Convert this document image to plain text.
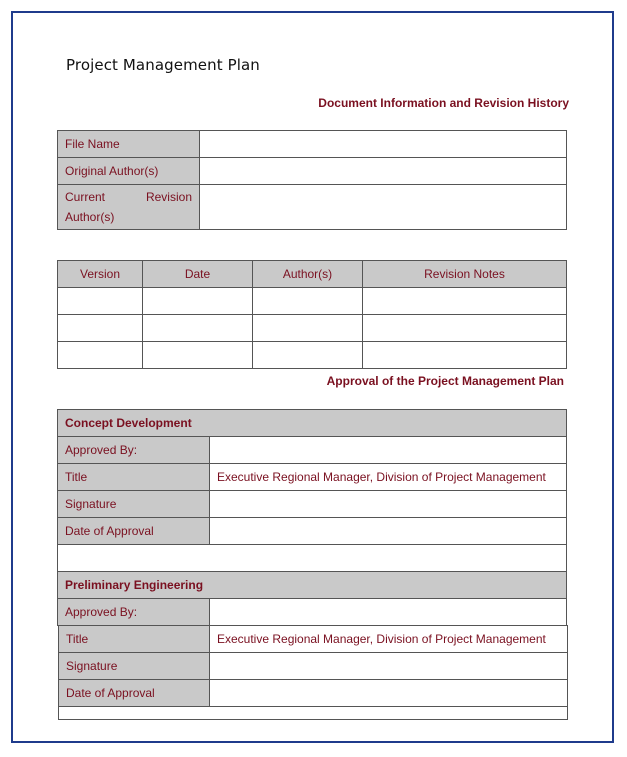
Project Management Plan
Document Information and Revision History
File Name	
Original Author(s)	

Current Revision
Author(s)	

Version	Date	Author(s)	Revision Notes

Approval of the Project Management Plan
Concept Development	
Approved By:	
Title	Executive Regional Manager, Division of Project Management
Signature	
Date of Approval	

Preliminary Engineering	
Approved By:	
Title	Executive Regional Manager, Division of Project Management
Signature	
Date of Approval	
